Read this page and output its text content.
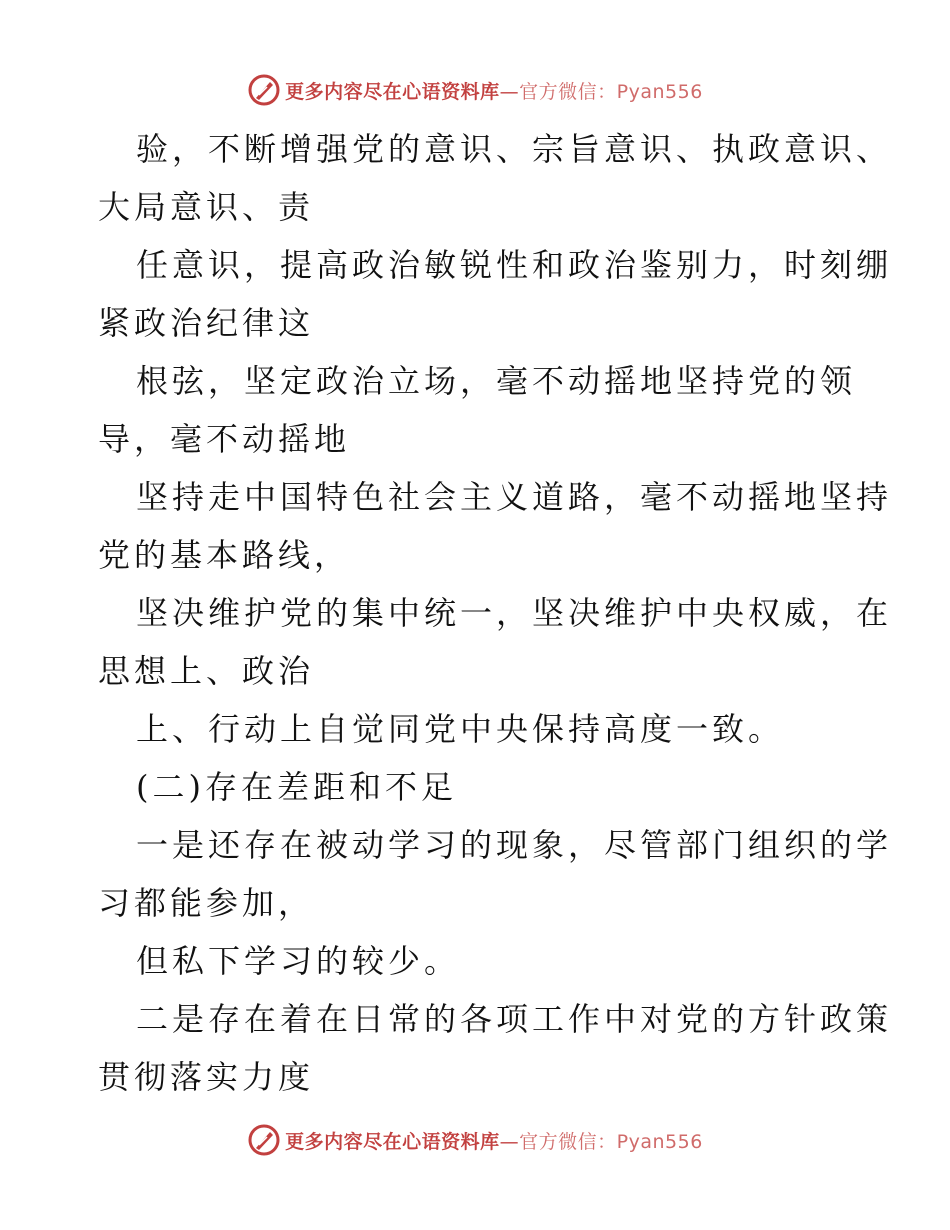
更多内容尽在心语资料库—官方微信：Pyan556
验，不断增强党的意识、宗旨意识、执政意识、
大局意识、责
任意识，提高政治敏锐性和政治鉴别力，时刻绷
紧政治纪律这
根弦，坚定政治立场，毫不动摇地坚持党的领
导，毫不动摇地
坚持走中国特色社会主义道路，毫不动摇地坚持
党的基本路线，
坚决维护党的集中统一，坚决维护中央权威，在
思想上、政治
上、行动上自觉同党中央保持高度一致。
(二)存在差距和不足
一是还存在被动学习的现象，尽管部门组织的学
习都能参加，
但私下学习的较少。
二是存在着在日常的各项工作中对党的方针政策
贯彻落实力度
更多内容尽在心语资料库—官方微信：Pyan556
